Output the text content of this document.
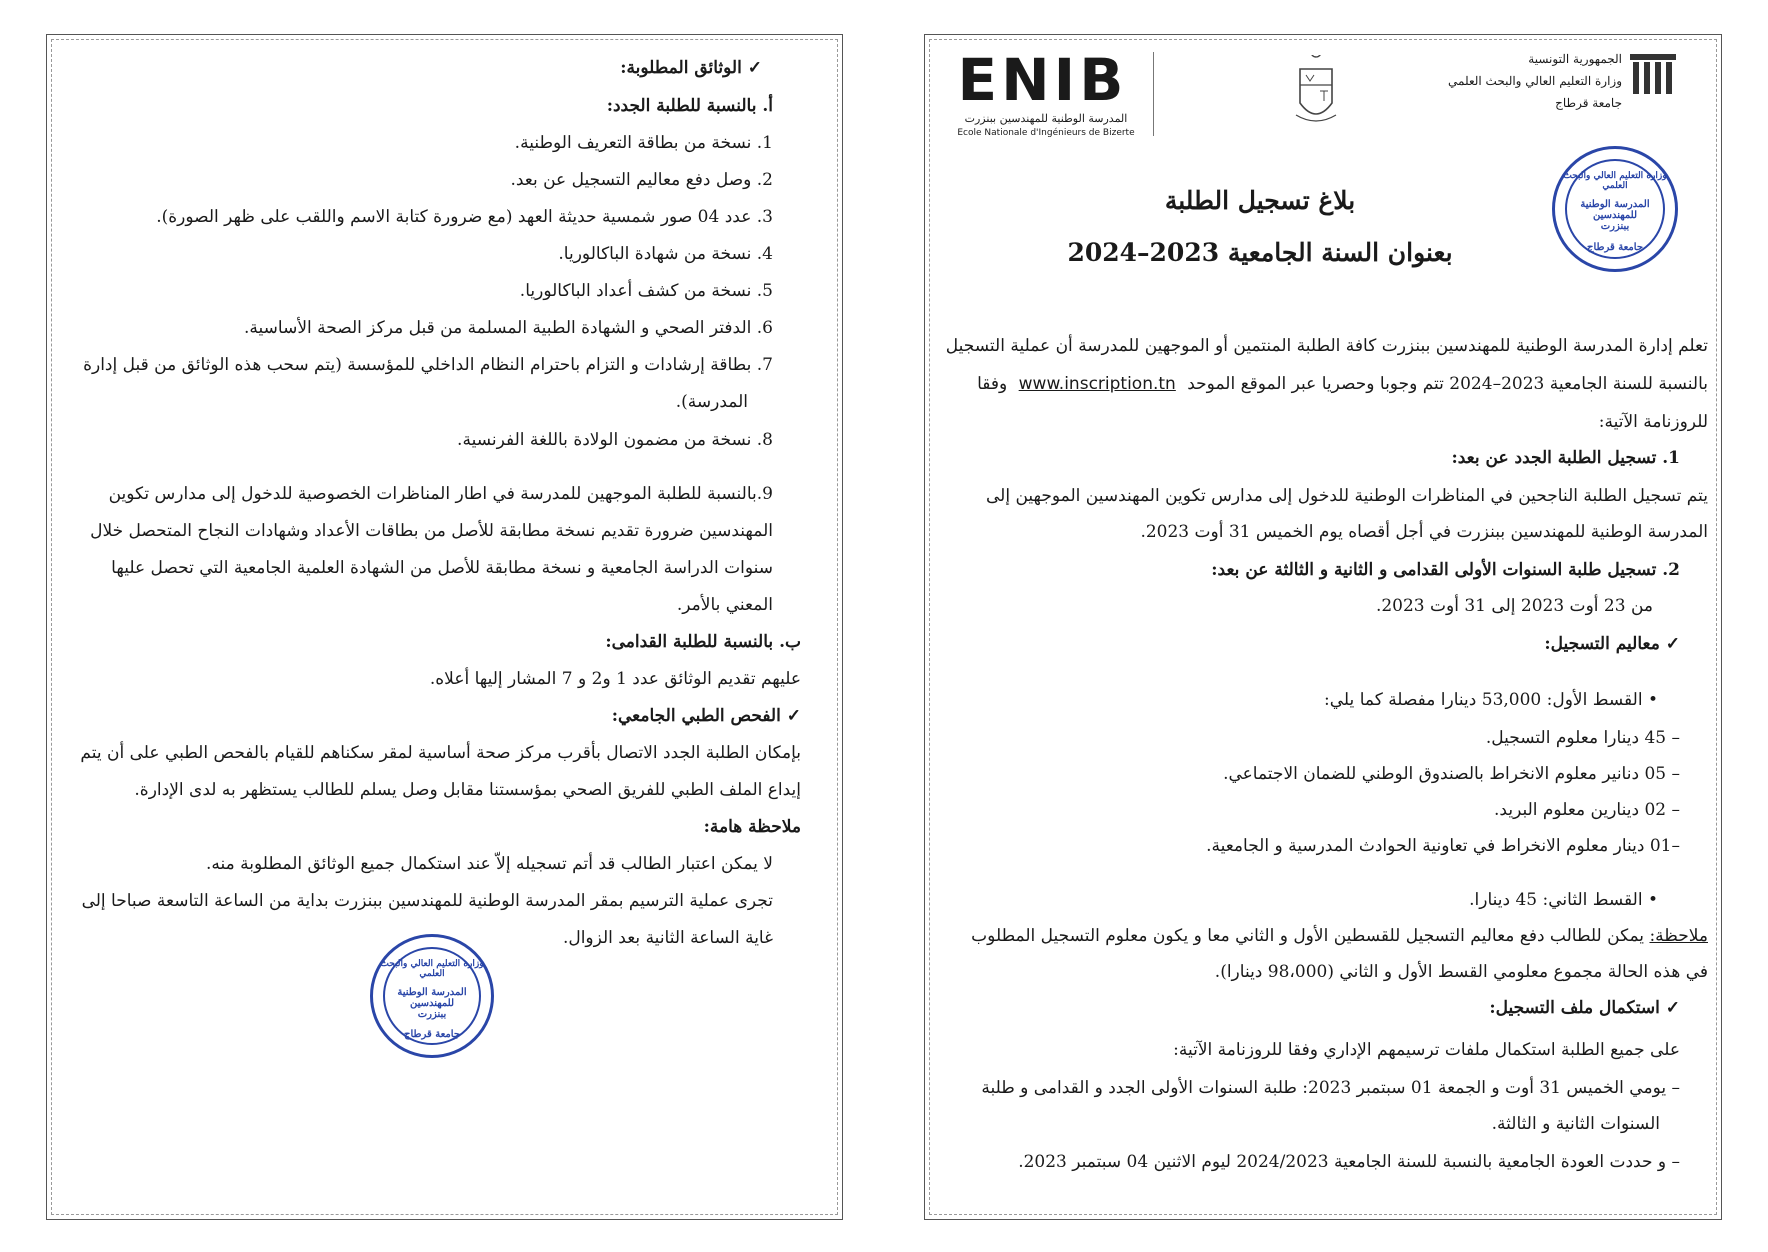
✓ الوثائق المطلوبة:
أ. بالنسبة للطلبة الجدد:
1. نسخة من بطاقة التعريف الوطنية.
2. وصل دفع معاليم التسجيل عن بعد.
3. عدد 04 صور شمسية حديثة العهد (مع ضرورة كتابة الاسم واللقب على ظهر الصورة).
4. نسخة من شهادة الباكالوريا.
5. نسخة من كشف أعداد الباكالوريا.
6. الدفتر الصحي و الشهادة الطبية المسلمة من قبل مركز الصحة الأساسية.
7. بطاقة إرشادات و التزام باحترام النظام الداخلي للمؤسسة (يتم سحب هذه الوثائق من قبل إدارة
المدرسة).
8. نسخة من مضمون الولادة باللغة الفرنسية.
9.بالنسبة للطلبة الموجهين للمدرسة في اطار المناظرات الخصوصية للدخول إلى مدارس تكوين
المهندسين ضرورة تقديم نسخة مطابقة للأصل من بطاقات الأعداد وشهادات النجاح المتحصل خلال
سنوات الدراسة الجامعية و نسخة مطابقة للأصل من الشهادة العلمية الجامعية التي تحصل عليها
المعني بالأمر.
ب. بالنسبة للطلبة القدامى:
عليهم تقديم الوثائق عدد 1 و2 و 7 المشار إليها أعلاه.
✓ الفحص الطبي الجامعي:
بإمكان الطلبة الجدد الاتصال بأقرب مركز صحة أساسية لمقر سكناهم للقيام بالفحص الطبي على أن يتم
إيداع الملف الطبي للفريق الصحي بمؤسستنا مقابل وصل يسلم للطالب يستظهر به لدى الإدارة.
ملاحظة هامة:
لا يمكن اعتبار الطالب قد أتم تسجيله إلاّ عند استكمال جميع الوثائق المطلوبة منه.
تجرى عملية الترسيم بمقر المدرسة الوطنية للمهندسين ببنزرت بداية من الساعة التاسعة صباحا إلى
غاية الساعة الثانية بعد الزوال.
وزارة التعليم العالي والبحث العلمي
المدرسة الوطنية للمهندسين ببنزرت
جامعة قرطاج
ENIB
المدرسة الوطنية للمهندسين ببنزرت
Ecole Nationale d'Ingénieurs de Bizerte
الجمهورية التونسية
وزارة التعليم العالي والبحث العلمي
جامعة قرطاج
وزارة التعليم العالي والبحث العلمي
المدرسة الوطنية للمهندسين ببنزرت
جامعة قرطاج
بلاغ تسجيل الطلبة
بعنوان السنة الجامعية 2023–2024
تعلم إدارة المدرسة الوطنية للمهندسين ببنزرت كافة الطلبة المنتمين أو الموجهين للمدرسة أن عملية التسجيل
بالنسبة للسنة الجامعية 2023–2024 تتم وجوبا وحصريا عبر الموقع الموحد www.inscription.tn وفقا
للروزنامة الآتية:
1. تسجيل الطلبة الجدد عن بعد:
يتم تسجيل الطلبة الناجحين في المناظرات الوطنية للدخول إلى مدارس تكوين المهندسين الموجهين إلى
المدرسة الوطنية للمهندسين ببنزرت في أجل أقصاه يوم الخميس 31 أوت 2023.
2. تسجيل طلبة السنوات الأولى القدامى و الثانية و الثالثة عن بعد:
من 23 أوت 2023 إلى 31 أوت 2023.
✓ معاليم التسجيل:
• القسط الأول: 53,000 دينارا مفصلة كما يلي:
– 45 دينارا معلوم التسجيل.
– 05 دنانير معلوم الانخراط بالصندوق الوطني للضمان الاجتماعي.
– 02 دينارين معلوم البريد.
–01 دينار معلوم الانخراط في تعاونية الحوادث المدرسية و الجامعية.
• القسط الثاني: 45 دينارا.
ملاحظة: يمكن للطالب دفع معاليم التسجيل للقسطين الأول و الثاني معا و يكون معلوم التسجيل المطلوب
في هذه الحالة مجموع معلومي القسط الأول و الثاني (98،000 دينارا).
✓ استكمال ملف التسجيل:
على جميع الطلبة استكمال ملفات ترسيمهم الإداري وفقا للروزنامة الآتية:
– يومي الخميس 31 أوت و الجمعة 01 سبتمبر 2023: طلبة السنوات الأولى الجدد و القدامى و طلبة
السنوات الثانية و الثالثة.
– و حددت العودة الجامعية بالنسبة للسنة الجامعية 2024/2023 ليوم الاثنين 04 سبتمبر 2023.
